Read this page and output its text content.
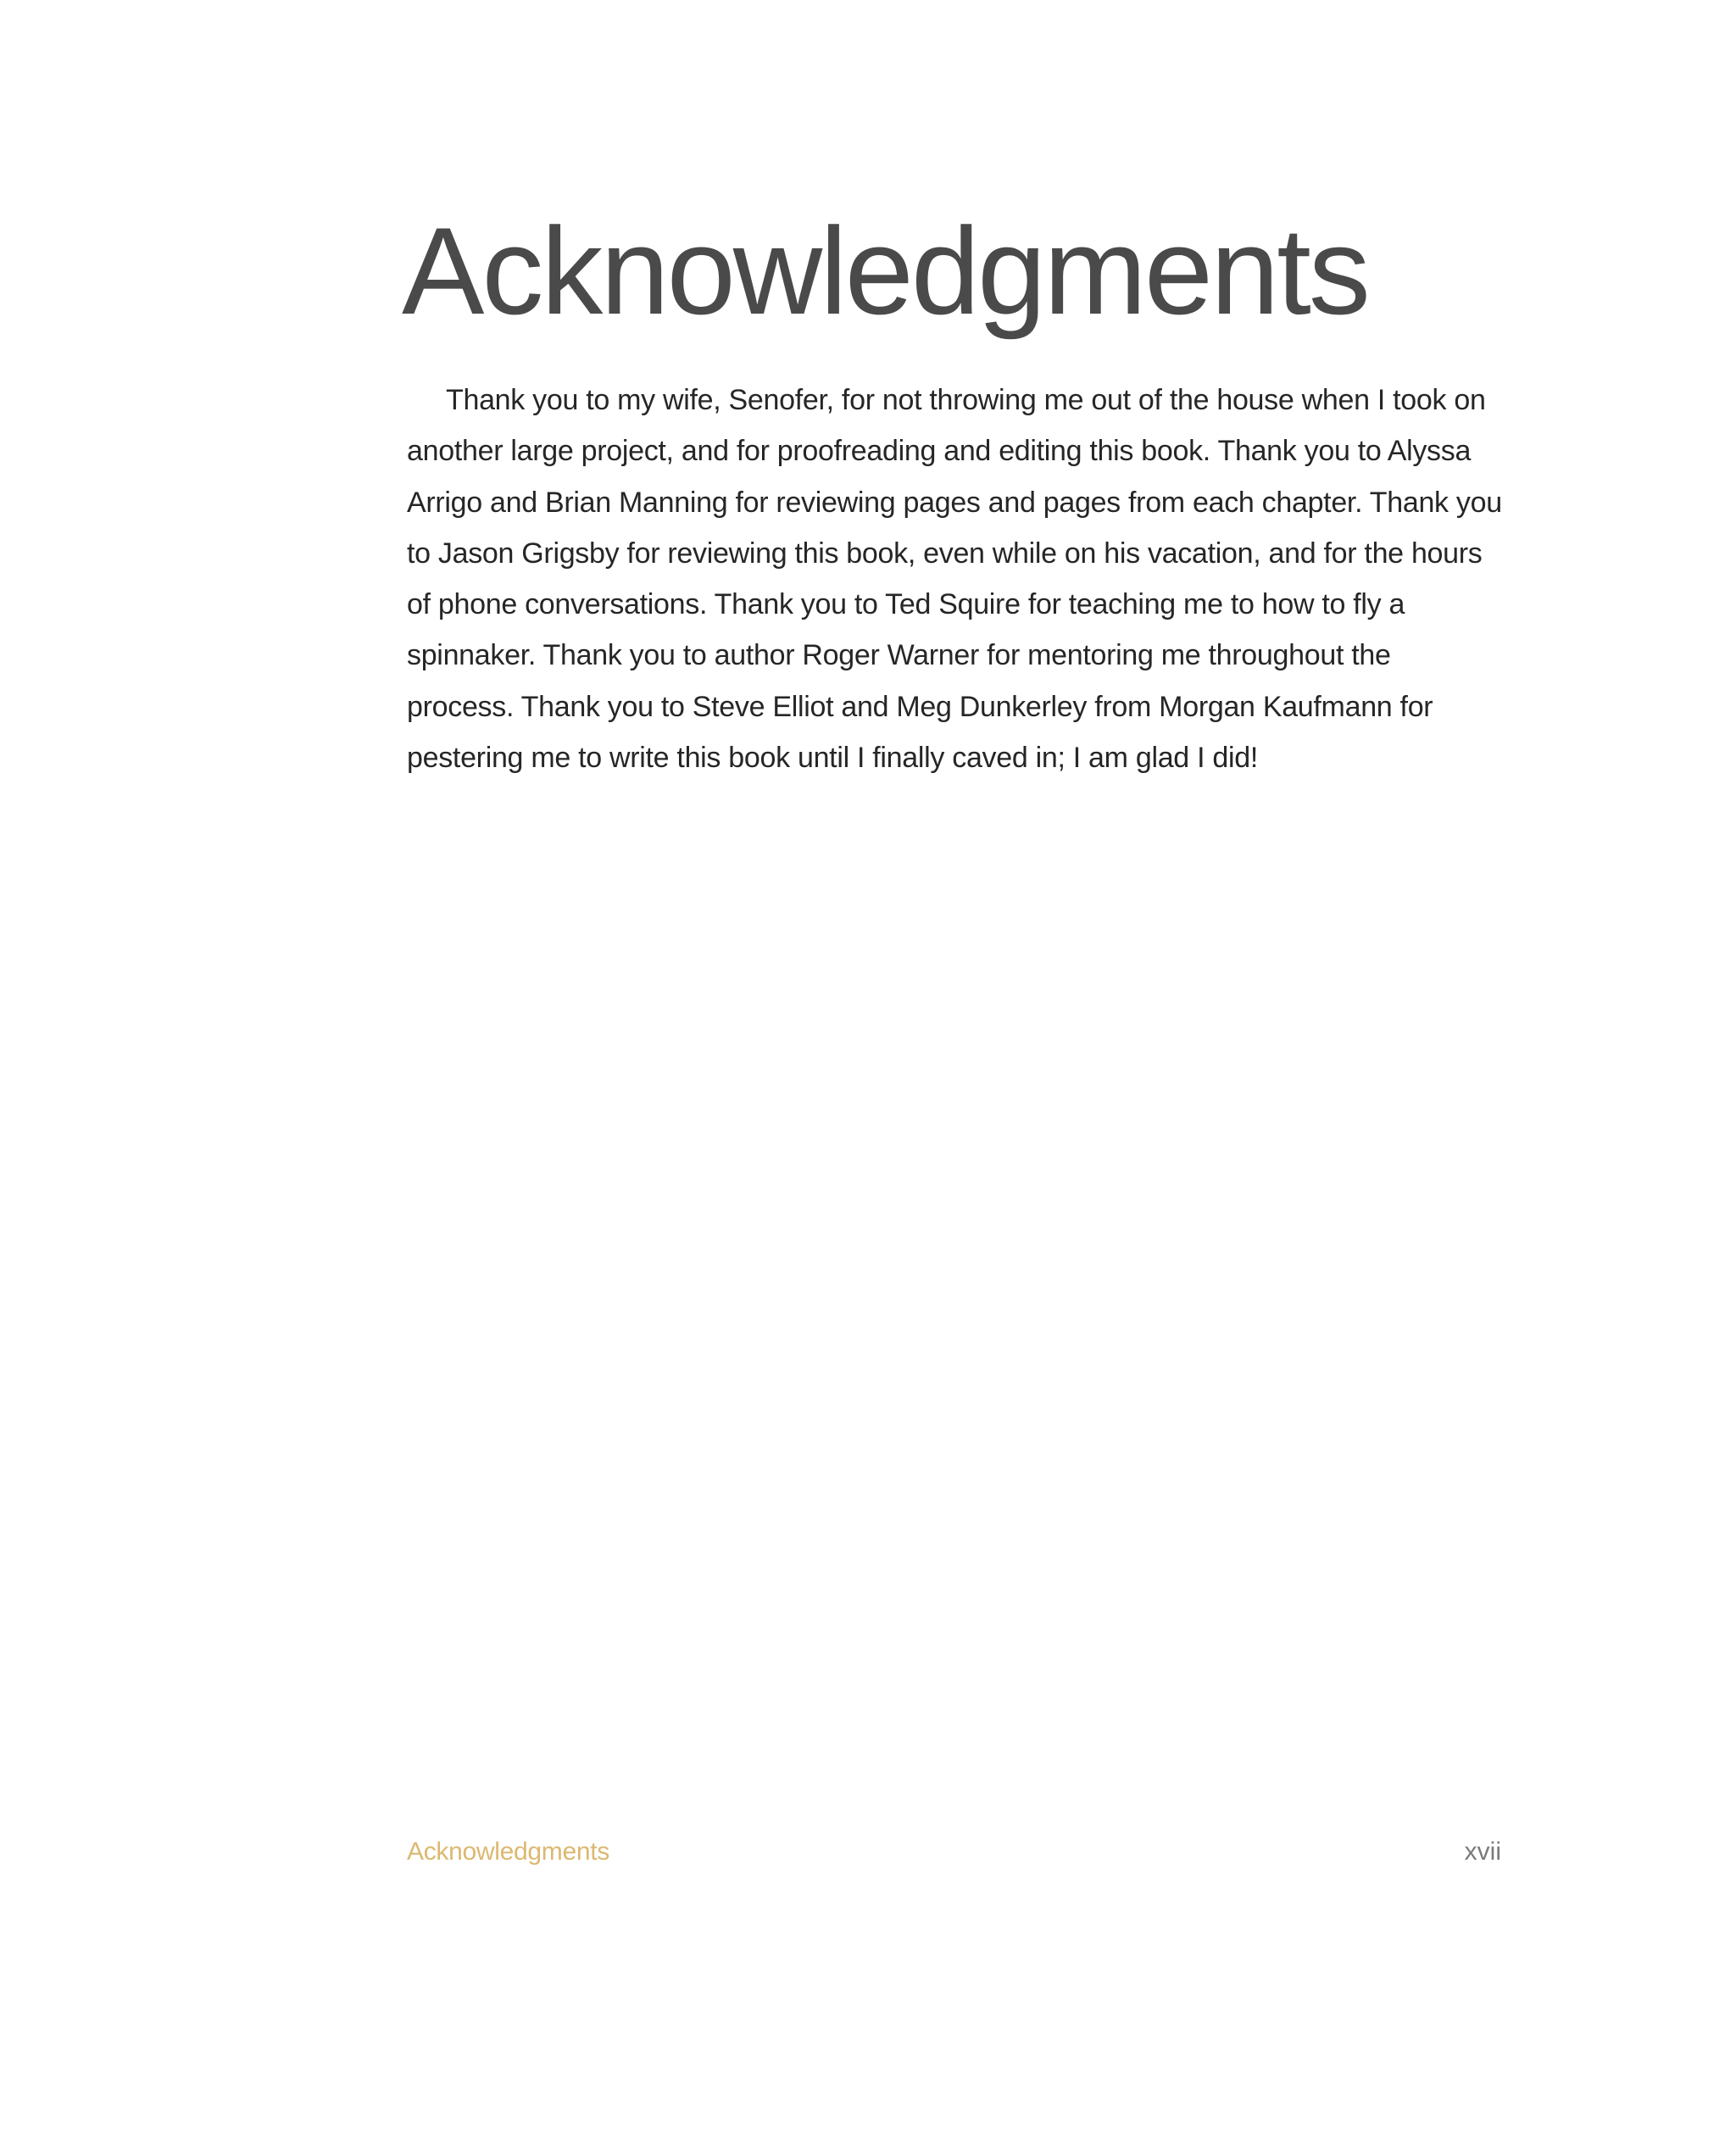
Acknowledgments

Thank you to my wife, Senofer, for not throwing me out of the house when I took on another large project, and for proofreading and editing this book. Thank you to Alyssa Arrigo and Brian Manning for reviewing pages and pages from each chapter. Thank you to Jason Grigsby for reviewing this book, even while on his vacation, and for the hours of phone conversations. Thank you to Ted Squire for teaching me to how to fly a spinnaker. Thank you to author Roger Warner for mentoring me throughout the process. Thank you to Steve Elliot and Meg Dunkerley from Morgan Kaufmann for pestering me to write this book until I finally caved in; I am glad I did!

Acknowledgments	xvii
